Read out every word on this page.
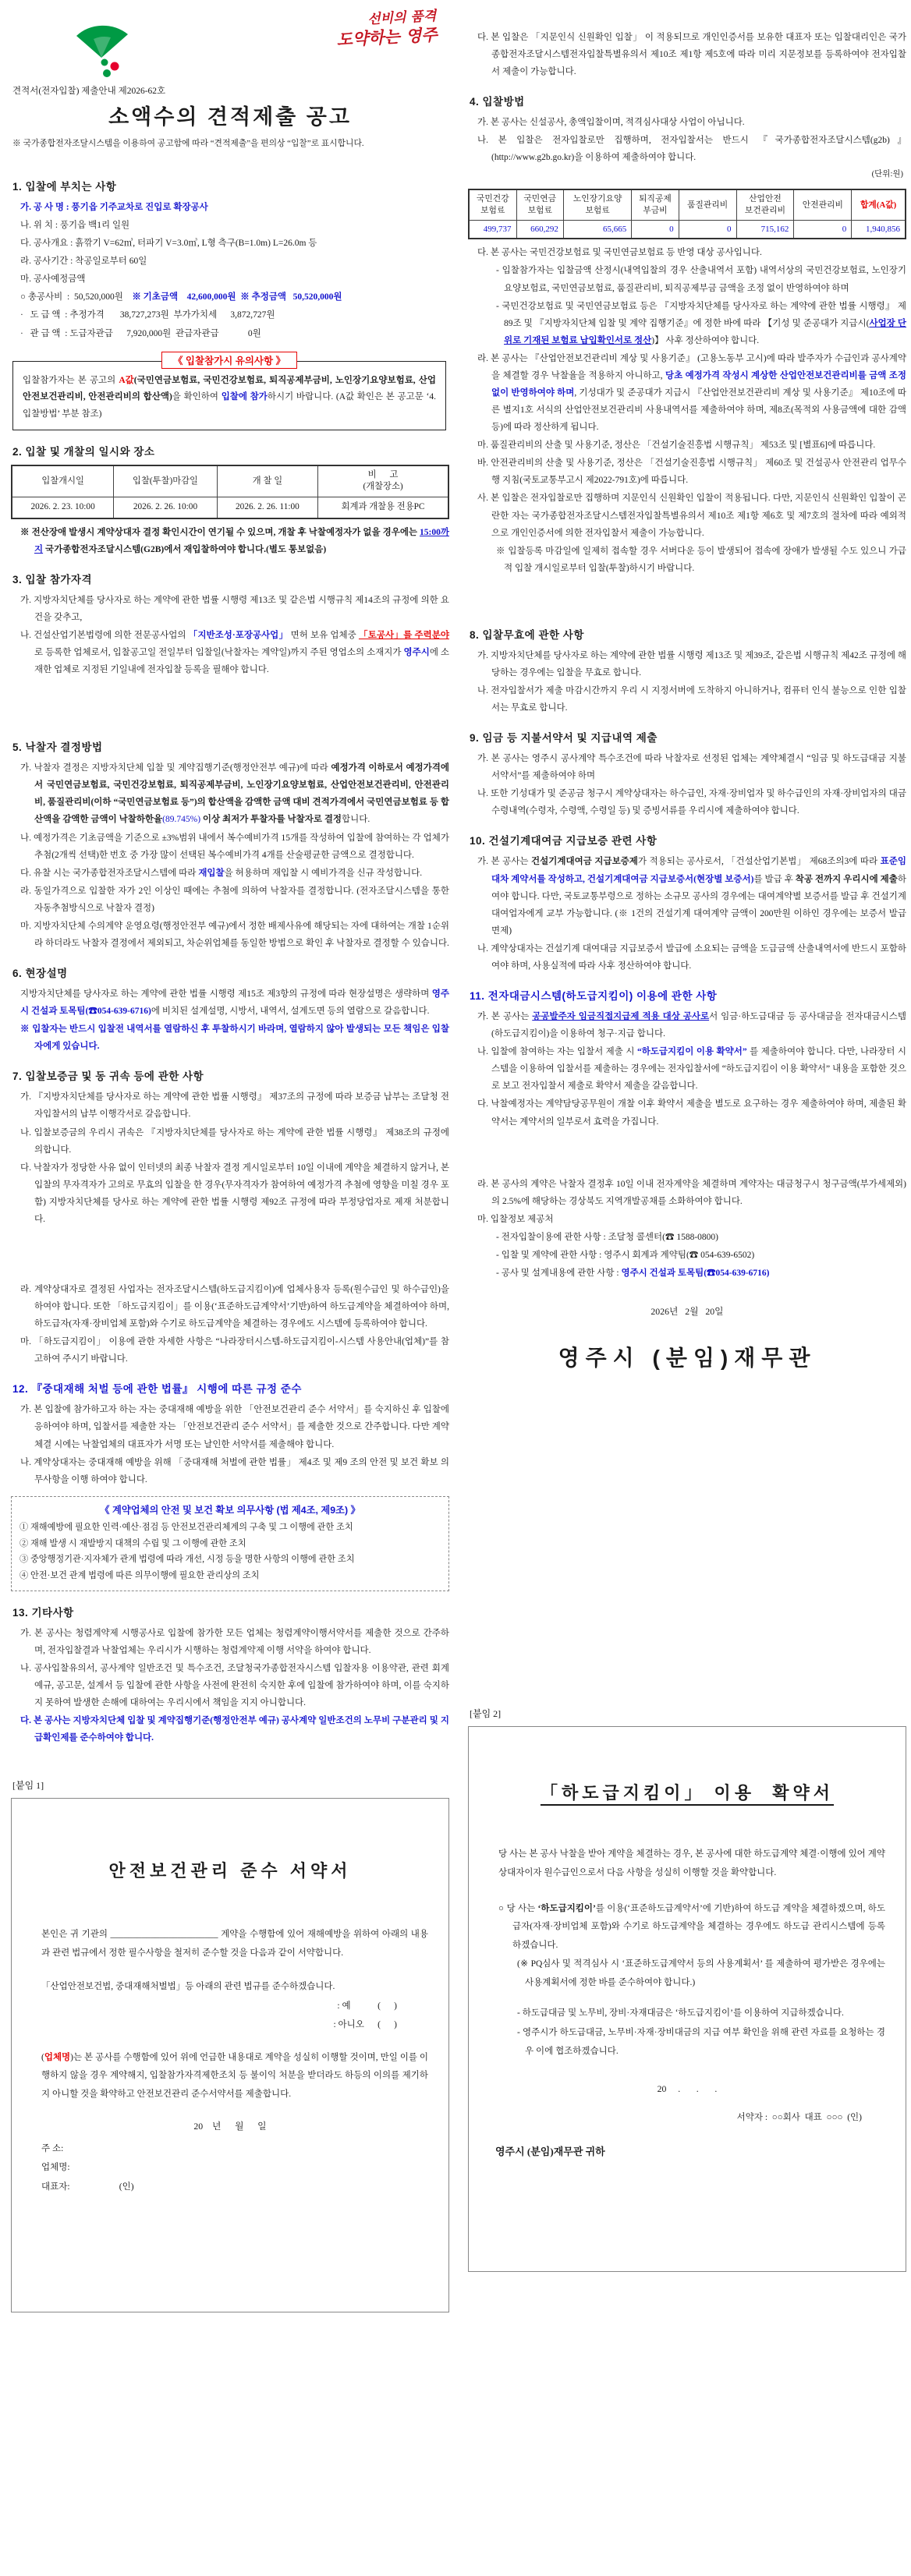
선비의 품격
도약하는 영주
견적서(전자입찰) 제출안내 제2026-62호
소액수의 견적제출 공고
※ 국가종합전자조달시스템을 이용하여 공고함에 따라 “견적제출”을 편의상 “입찰”로 표시합니다.
1. 입찰에 부치는 사항
가. 공 사 명 : 풍기읍 기주교차로 진입로 확장공사
나. 위 치 : 풍기읍 백1리 일원
다. 공사개요 : 흙깎기 V=62㎥, 터파기 V=3.0㎥, L형 측구(B=1.0m) L=26.0m 등
라. 공사기간 : 착공일로부터 60일
마. 공사예정금액
○ 총공사비  :  50,520,000원    ※ 기초금액    42,600,000원  ※ 추정금액   50,520,000원
·   도 급 액  : 추정가격       38,727,273원  부가가치세      3,872,727원
·   관 급 액  : 도급자관급      7,920,000원  관급자관급             0원
《 입찰참가시 유의사항 》
입찰참가자는 본 공고의 A값(국민연금보험료, 국민건강보험료, 퇴직공제부금비, 노인장기요양보험료, 산업안전보건관리비, 안전관리비의 합산액)을 확인하여 입찰에 참가하시기 바랍니다. (A값 확인은 본 공고문 ‘4. 입찰방법’ 부분 참조)
2. 입찰 및 개찰의 일시와 장소
입찰개시일	입찰(투찰)마감일	개 찰 일	비      고
(개찰장소)
2026. 2. 23. 10:00	2026. 2. 26. 10:00	2026. 2. 26. 11:00	회계과 개찰용 전용PC
※ 전산장애 발생시 계약상대자 결정 확인시간이 연기될 수 있으며, 개찰 후 낙찰예정자가 없을 경우에는 15:00까지 국가종합전자조달시스템(G2B)에서 재입찰하여야 합니다.(별도 통보없음)
3. 입찰 참가자격
가. 지방자치단체를 당사자로 하는 계약에 관한 법률 시행령 제13조 및 같은법 시행규칙 제14조의 규정에 의한 요건을 갖추고,
나. 건설산업기본법령에 의한 전문공사업의 「지반조성·포장공사업」 면허 보유 업체중 「토공사」를 주력분야로 등록한 업체로서, 입찰공고일 전일부터 입찰일(낙찰자는 계약일)까지 주된 영업소의 소재지가 영주시에 소재한 업체로 지정된 기일내에 전자입찰 등록을 필해야 합니다.
5. 낙찰자 결정방법
가. 낙찰자 결정은 지방자치단체 입찰 및 계약집행기준(행정안전부 예규)에 따라 예정가격 이하로서 예정가격에서 국민연금보험료, 국민건강보험료, 퇴직공제부금비, 노인장기요양보험료, 산업안전보건관리비, 안전관리비, 품질관리비(이하 “국민연금보험료 등”)의 합산액을 감액한 금액 대비 견적가격에서 국민연금보험료 등 합산액을 감액한 금액이 낙찰하한율(89.745%) 이상 최저가 투찰자를 낙찰자로 결정합니다.
나. 예정가격은 기초금액을 기준으로 ±3%범위 내에서 복수예비가격 15개를 작성하여 입찰에 참여하는 각 업체가 추첨(2개씩 선택)한 번호 중 가장 많이 선택된 복수예비가격 4개를 산술평균한 금액으로 결정합니다.
다. 유찰 시는 국가종합전자조달시스템에 따라 재입찰을 허용하며 재입찰 시 예비가격을 신규 작성합니다.
라. 동일가격으로 입찰한 자가 2인 이상인 때에는 추첨에 의하여 낙찰자를 결정합니다. (전자조달시스템을 통한 자동추첨방식으로 낙찰자 결정)
마. 지방자치단체 수의계약 운영요령(행정안전부 예규)에서 정한 배제사유에 해당되는 자에 대하여는 개찰 1순위라 하더라도 낙찰자 결정에서 제외되고, 차순위업체를 동일한 방법으로 확인 후 낙찰자로 결정할 수 있습니다.
6. 현장설명
지방자치단체를 당사자로 하는 계약에 관한 법률 시행령 제15조 제3항의 규정에 따라 현장설명은 생략하며 영주시 건설과 토목팀(☎054-639-6716)에 비치된 설계설명, 시방서, 내역서, 설계도면 등의 열람으로 갈음합니다.
※ 입찰자는 반드시 입찰전 내역서를 열람하신 후 투찰하시기 바라며, 열람하지 않아 발생되는 모든 책임은 입찰자에게 있습니다.
7. 입찰보증금 및 동 귀속 등에 관한 사항
가. 『지방자치단체를 당사자로 하는 계약에 관한 법률 시행령』 제37조의 규정에 따라 보증금 납부는 조달청 전자입찰서의 납부 이행각서로 갈음합니다.
나. 입찰보증금의 우리시 귀속은 『지방자치단체를 당사자로 하는 계약에 관한 법률 시행령』 제38조의 규정에 의합니다.
다. 낙찰자가 정당한 사유 없이 인터넷의 최종 낙찰자 결정 게시일로부터 10일 이내에 계약을 체결하지 않거나, 본 입찰의 무자격자가 고의로 무효의 입찰을 한 경우(무자격자가 참여하여 예정가격 추첨에 영향을 미칠 경우 포함) 지방자치단체를 당사로 하는 계약에 관한 법률 시행령 제92조 규정에 따라 부정당업자로 제재 처분합니다.
라. 계약상대자로 결정된 사업자는 전자조달시스템(하도급지킴이)에 업체사용자 등록(원수급인 및 하수급인)을 하여야 합니다. 또한 「하도급지킴이」를 이용(‘표준하도급계약서’기반)하여 하도급계약을 체결하여야 하며, 하도급자(자재·장비업체 포함)와 수기로 하도급계약을 체결하는 경우에도 시스템에 등록하여야 합니다.
마. 「하도급지킴이」 이용에 관한 자세한 사항은 “나라장터시스템-하도급지킴이-시스템 사용안내(업체)”를 참고하여 주시기 바랍니다.
12. 『중대재해 처벌 등에 관한 법률』 시행에 따른 규정 준수
가. 본 입찰에 참가하고자 하는 자는 중대재해 예방을 위한 「안전보건관리 준수 서약서」를 숙지하신 후 입찰에 응하여야 하며, 입찰서를 제출한 자는 「안전보건관리 준수 서약서」를 제출한 것으로 간주합니다. 다만 계약 체결 시에는 낙찰업체의 대표자가 서명 또는 날인한 서약서를 제출해야 합니다.
나. 계약상대자는 중대재해 예방을 위해 「중대재해 처벌에 관한 법률」 제4조 및 제9 조의 안전 및 보건 확보 의무사항을 이행 하여야 합니다.
《 계약업체의 안전 및 보건 확보 의무사항 (법 제4조, 제9조) 》
① 재해예방에 필요한 인력·예산·점검 등 안전보건관리체계의 구축 및 그 이행에 관한 조치
② 재해 발생 시 재발방지 대책의 수립 및 그 이행에 관한 조치
③ 중앙행정기관·지자체가 관계 법령에 따라 개선, 시정 등을 명한 사항의 이행에 관한 조치
④ 안전·보건 관계 법령에 따른 의무이행에 필요한 관리상의 조치
13. 기타사항
가. 본 공사는 청렴계약제 시행공사로 입찰에 참가한 모든 업체는 청렴계약이행서약서를 제출한 것으로 간주하며, 전자입찰결과 낙찰업체는 우리시가 시행하는 청렴계약제 이행 서약을 하여야 합니다.
나. 공사입찰유의서, 공사계약 일반조건 및 특수조건, 조달청국가종합전자시스템 입찰자용 이용약관, 관련 회계 예규, 공고문, 설계서 등 입찰에 관한 사항을 사전에 완전히 숙지한 후에 입찰에 참가하여야 하며, 이를 숙지하지 못하여 발생한 손해에 대하여는 우리시에서 책임을 지지 아니합니다.
다. 본 공사는 지방자치단체 입찰 및 계약집행기준(행정안전부 예규) 공사계약 일반조건의 노무비 구분관리 및 지급확인제를 준수하여야 합니다.
[붙임 1]
안전보건관리 준수 서약서
본인은 귀 기관의 ________________________ 계약을 수행함에 있어 재해예방을 위하여 아래의 내용과 관련 법규에서 정한 필수사항을 철저히 준수할 것을 다음과 같이 서약합니다.
「산업안전보건법, 중대재해처벌법」등 아래의 관련 법규를 준수하겠습니다.
: 예            (      )
: 아니오      (      )
(업체명)는 본 공사를 수행함에 있어 위에 언급한 내용대로 계약을 성실히 이행할 것이며, 만일 이를 이행하지 않을 경우 계약해지, 입찰참가자격제한조치 등 불이익 처분을 받더라도 하등의 이의를 제기하지 아니할 것을 확약하고 안전보건관리 준수서약서를 제출합니다.
20    년      월      일
주 소:
업체명:
대표자:                      (인)
다. 본 입찰은 「지문인식 신원확인 입찰」 이 적용되므로 개인인증서를 보유한 대표자 또는 입찰대리인은 국가종합전자조달시스템전자입찰특별유의서 제10조 제1항 제5호에 따라 미리 지문정보를 등록하여야 전자입찰서 제출이 가능합니다.
4. 입찰방법
가. 본 공사는 신설공사, 총액입찰이며, 적격심사대상 사업이 아닙니다.
나. 본 입찰은 전자입찰로만 집행하며, 전자입찰서는 반드시 『국가종합전자조달시스템(g2b)』 (http://www.g2b.go.kr)을 이용하여 제출하여야 합니다.
(단위:원)
국민건강
보험료	국민연금
보험료	노인장기요양
보험료	퇴직공제
부금비	품질관리비	산업안전
보건관리비	안전관리비	합계(A값)
499,737	660,292	65,665	0	0	715,162	0	1,940,856
다. 본 공사는 국민건강보험료 및 국민연금보험료 등 반영 대상 공사입니다.
- 입찰참가자는 입찰금액 산정시(내역입찰의 경우 산출내역서 포함) 내역서상의 국민건강보험료, 노인장기요양보험료, 국민연금보험료, 품질관리비, 퇴직공제부금 금액을 조정 없이 반영하여야 하며
- 국민건강보험료 및 국민연금보험료 등은 『지방자치단체를 당사자로 하는 계약에 관한 법률 시행령』 제89조 및 『지방자치단체 입찰 및 계약 집행기준』에 정한 바에 따라 【기성 및 준공대가 지급시(사업장 단위로 기재된 보험료 납입확인서로 정산)】 사후 정산하여야 합니다.
라. 본 공사는 『산업안전보건관리비 계상 및 사용기준』 (고용노동부 고시)에 따라 발주자가 수급인과 공사계약을 체결할 경우 낙찰율을 적용하지 아니하고, 당초 예정가격 작성시 계상한 산업안전보건관리비를 금액 조정없이 반영하여야 하며, 기성대가 및 준공대가 지급시 『산업안전보건관리비 계상 및 사용기준』 제10조에 따른 별지1호 서식의 산업안전보건관리비 사용내역서를 제출하여야 하며, 제8조(목적외 사용금액에 대한 감액 등)에 따라 정산하게 됩니다.
마. 품질관리비의 산출 및 사용기준, 정산은 「건설기술진흥법 시행규칙」 제53조 및 [별표6]에 따릅니다.
바. 안전관리비의 산출 및 사용기준, 정산은 「건설기술진흥법 시행규칙」 제60조 및 건설공사 안전관리 업무수행 지침(국토교통부고시 제2022-791호)에 따릅니다.
사. 본 입찰은 전자입찰로만 집행하며 지문인식 신원확인 입찰이 적용됩니다. 다만, 지문인식 신원확인 입찰이 곤란한 자는 국가종합전자조달시스템전자입찰특별유의서 제10조 제1항 제6호 및 제7호의 절차에 따라 예외적으로 개인인증서에 의한 전자입찰서 제출이 가능합니다.
※ 입찰등록 마감일에 일제히 접속할 경우 서버다운 등이 발생되어 접속에 장애가 발생될 수도 있으니 가급적 입찰 개시일로부터 입찰(투찰)하시기 바랍니다.
8. 입찰무효에 관한 사항
가. 지방자치단체를 당사자로 하는 계약에 관한 법률 시행령 제13조 및 제39조, 같은법 시행규칙 제42조 규정에 해당하는 경우에는 입찰을 무효로 합니다.
나. 전자입찰서가 제출 마감시간까지 우리 시 지정서버에 도착하지 아니하거나, 컴퓨터 인식 불능으로 인한 입찰서는 무효로 합니다.
9. 임금 등 지불서약서 및 지급내역 제출
가. 본 공사는 영주시 공사계약 특수조건에 따라 낙찰자로 선정된 업체는 계약체결시 “임금 및 하도급대금 지불 서약서”를 제출하여야 하며
나. 또한 기성대가 및 준공금 청구시 계약상대자는 하수급인, 자재·장비업자 및 하수급인의 자재·장비업자의 대금 수령내역(수령자, 수령액, 수령일 등) 및 증빙서류를 우리시에 제출하여야 합니다.
10. 건설기계대여금 지급보증 관련 사항
가. 본 공사는 건설기계대여금 지급보증제가 적용되는 공사로서, 「건설산업기본법」 제68조의3에 따라 표준임대차 계약서를 작성하고, 건설기계대여금 지급보증서(현장별 보증서)를 발급 후 착공 전까지 우리시에 제출하여야 합니다. 다만, 국토교통부령으로 정하는 소규모 공사의 경우에는 대여계약별 보증서를 발급 후 건설기계 대여업자에게 교부 가능합니다. (※ 1건의 건설기계 대여계약 금액이 200만원 이하인 경우에는 보증서 발급 면제)
나. 계약상대자는 건설기계 대여대금 지급보증서 발급에 소요되는 금액을 도급금액 산출내역서에 반드시 포함하여야 하며, 사용실적에 따라 사후 정산하여야 합니다.
11. 전자대금시스템(하도급지킴이) 이용에 관한 사항
가. 본 공사는 공공발주자 임금직접지급제 적용 대상 공사로서 임금·하도급대금 등 공사대금을 전자대금시스템(하도급지킴이)을 이용하여 청구·지급 합니다.
나. 입찰에 참여하는 자는 입찰서 제출 시 “하도급지킴이 이용 확약서” 를 제출하여야 합니다. 다만, 나라장터 시스템을 이용하여 입찰서를 제출하는 경우에는 전자입찰서에 “하도급지킴이 이용 확약서” 내용을 포함한 것으로 보고 전자입찰서 제출로 확약서 제출을 갈음합니다.
다. 낙찰예정자는 계약담당공무원이 개찰 이후 확약서 제출을 별도로 요구하는 경우 제출하여야 하며, 제출된 확약서는 계약서의 일부로서 효력을 가집니다.
라. 본 공사의 계약은 낙찰자 결정후 10일 이내 전자계약을 체결하며 계약자는 대금청구시 청구금액(부가세제외)의 2.5%에 해당하는 경상북도 지역개발공채를 소화하여야 합니다.
마. 입찰정보 제공처
- 전자입찰이용에 관한 사항 : 조달청 콜센터(☎ 1588-0800)
- 입찰 및 계약에 관한 사항 : 영주시 회계과 계약팀(☎ 054-639-6502)
- 공사 및 설계내용에 관한 사항 : 영주시 건설과 토목팀(☎054-639-6716)
2026년   2월   20일
영주시 (분임)재무관
[붙임 2]
「하도급지킴이」 이용  확약서
당 사는 본 공사 낙찰을 받아 계약을 체결하는 경우, 본 공사에 대한 하도급계약 체결·이행에 있어 계약상대자이자 원수급인으로서 다음 사항을 성실히 이행할 것을 확약합니다.
○ 당 사는 ‘하도급지킴이’를 이용(‘표준하도급계약서’에 기반)하여 하도급 계약을 체결하겠으며, 하도급자(자재·장비업체 포함)와 수기로 하도급계약을 체결하는 경우에도 하도급 관리시스템에 등록하겠습니다.
(※ PQ심사 및 적격심사 시 ‘표준하도급계약서 등의 사용계획서’ 를 제출하여 평가받은 경우에는 사용계획서에 정한 바를 준수하여야 합니다.)
- 하도급대금 및 노무비, 장비·자재대금은 ‘하도급지킴이’를 이용하여 지급하겠습니다.
- 영주시가 하도급대금, 노무비·자재·장비대금의 지급 여부 확인을 위해 관련 자료를 요청하는 경우 이에 협조하겠습니다.
20     .       .       .
서약자 :  ○○회사  대표  ○○○  (인)
영주시 (분임)재무관 귀하
